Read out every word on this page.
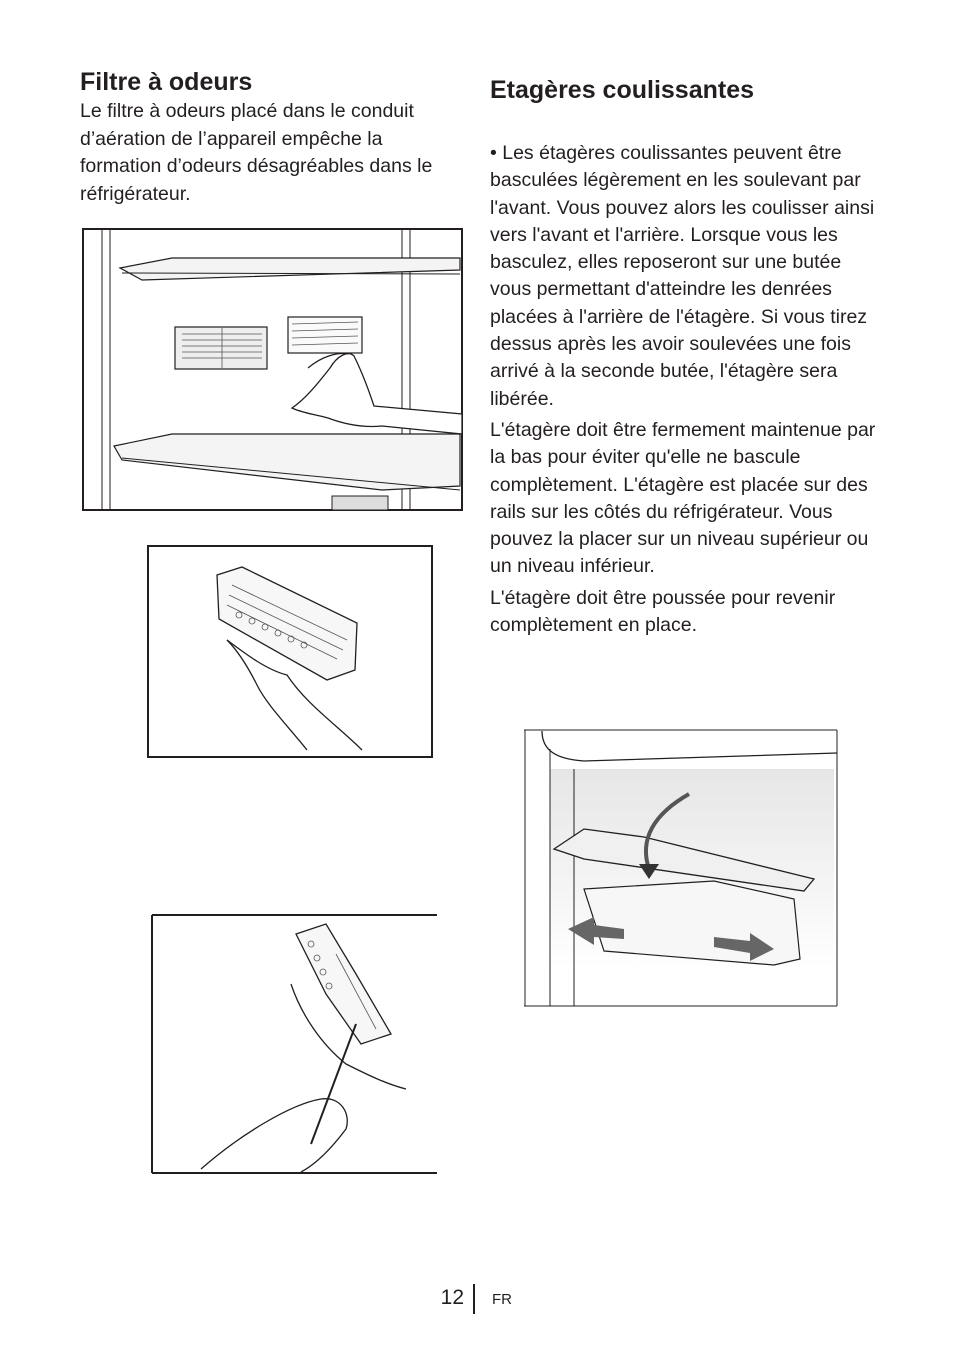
Filtre à odeurs

Le filtre à odeurs placé dans le conduit d’aération de l’appareil empêche la formation d’odeurs désagréables dans le réfrigérateur.

Etagères coulissantes

• Les étagères coulissantes peuvent être basculées légèrement en les soulevant par l'avant. Vous pouvez alors les coulisser ainsi vers l'avant et l'arrière. Lorsque vous les basculez, elles reposeront sur une butée vous permettant d'atteindre les denrées placées à l'arrière de l'étagère. Si vous tirez dessus après les avoir soulevées une fois arrivé à la seconde butée, l'étagère sera libérée.

L'étagère doit être fermement maintenue par la bas pour éviter qu'elle ne bascule complètement. L'étagère est placée sur des rails sur les côtés du réfrigérateur. Vous pouvez la placer sur un niveau supérieur ou un niveau inférieur.

L'étagère doit être poussée pour revenir complètement en place.

12 FR
